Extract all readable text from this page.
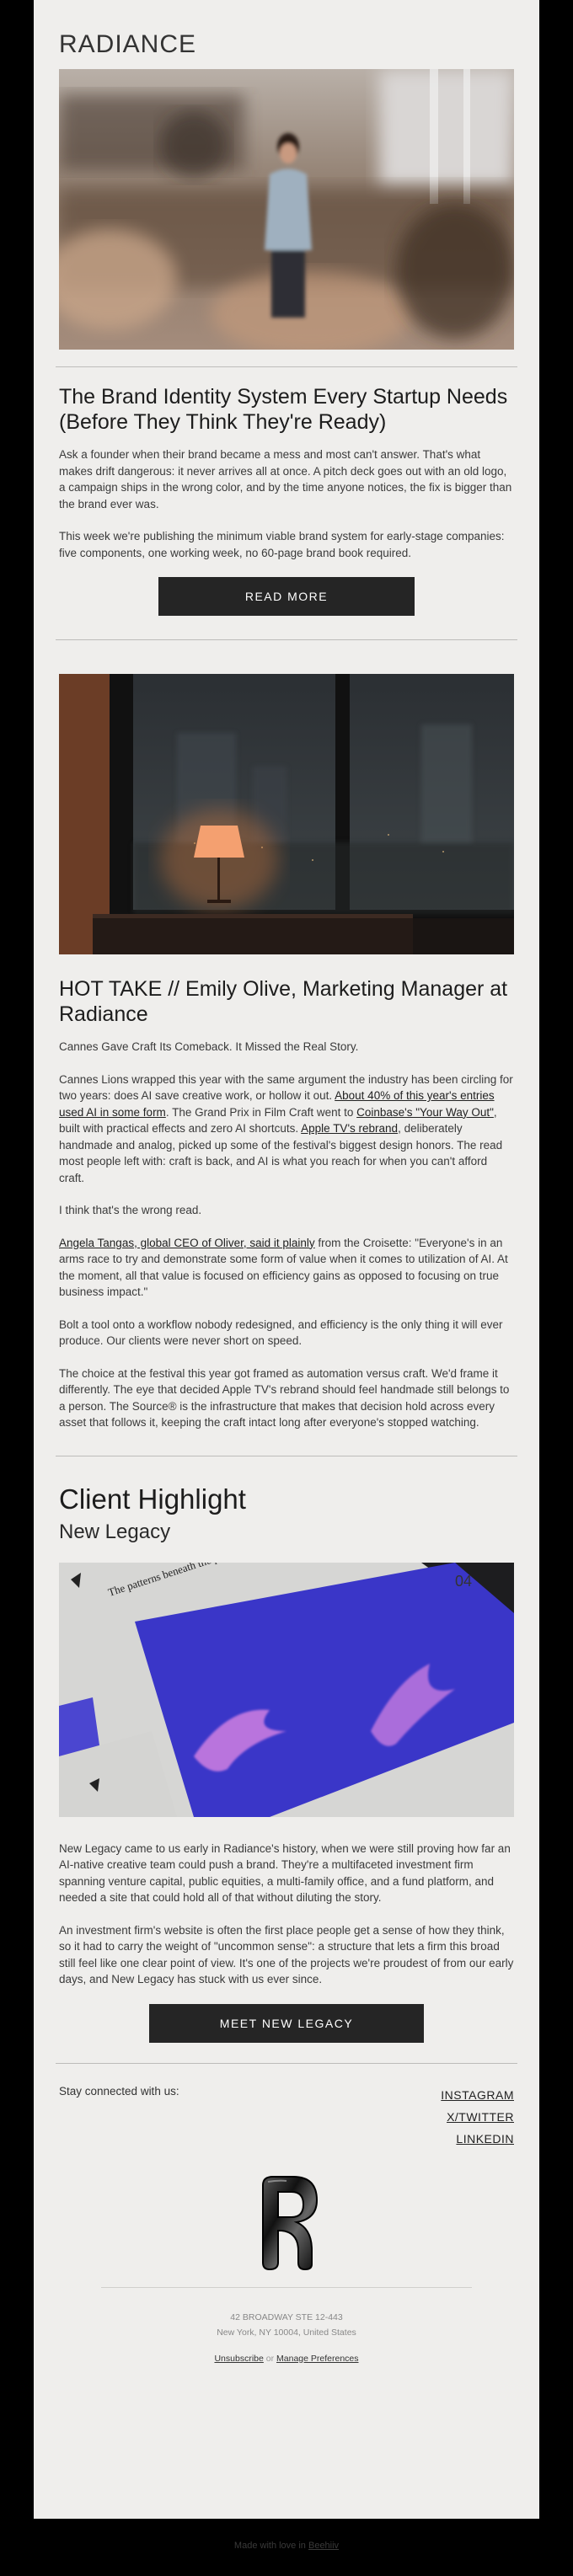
RADIANCE
The Brand Identity System Every Startup Needs (Before They Think They're Ready)

Ask a founder when their brand became a mess and most can't answer. That's what makes drift dangerous: it never arrives all at once. A pitch deck goes out with an old logo, a campaign ships in the wrong color, and by the time anyone notices, the fix is bigger than the brand ever was.

This week we're publishing the minimum viable brand system for early-stage companies: five components, one working week, no 60-page brand book required.

READ MORE
HOT TAKE // Emily Olive, Marketing Manager at Radiance

Cannes Gave Craft Its Comeback. It Missed the Real Story.

Cannes Lions wrapped this year with the same argument the industry has been circling for two years: does AI save creative work, or hollow it out. About 40% of this year's entries used AI in some form. The Grand Prix in Film Craft went to Coinbase's "Your Way Out", built with practical effects and zero AI shortcuts. Apple TV's rebrand, deliberately handmade and analog, picked up some of the festival's biggest design honors. The read most people left with: craft is back, and AI is what you reach for when you can't afford craft.

I think that's the wrong read.

Angela Tangas, global CEO of Oliver, said it plainly from the Croisette: "Everyone's in an arms race to try and demonstrate some form of value when it comes to utilization of AI. At the moment, all that value is focused on efficiency gains as opposed to focusing on true business impact."

Bolt a tool onto a workflow nobody redesigned, and efficiency is the only thing it will ever produce. Our clients were never short on speed.

The choice at the festival this year got framed as automation versus craft. We'd frame it differently. The eye that decided Apple TV's rebrand should feel handmade still belongs to a person. The Source® is the infrastructure that makes that decision hold across every asset that follows it, keeping the craft intact long after everyone's stopped watching.

Client Highlight
New Legacy
04

New Legacy came to us early in Radiance's history, when we were still proving how far an AI-native creative team could push a brand. They're a multifaceted investment firm spanning venture capital, public equities, a multi-family office, and a fund platform, and needed a site that could hold all of that without diluting the story.

An investment firm's website is often the first place people get a sense of how they think, so it had to carry the weight of "uncommon sense": a structure that lets a firm this broad still feel like one clear point of view. It's one of the projects we're proudest of from our early days, and New Legacy has stuck with us ever since.

MEET NEW LEGACY
Stay connected with us:	INSTAGRAM
X/TWITTER
LINKEDIN
42 BROADWAY STE 12-443
New York, NY 10004, United States
Unsubscribe or Manage Preferences
Made with love in Beehiiv
